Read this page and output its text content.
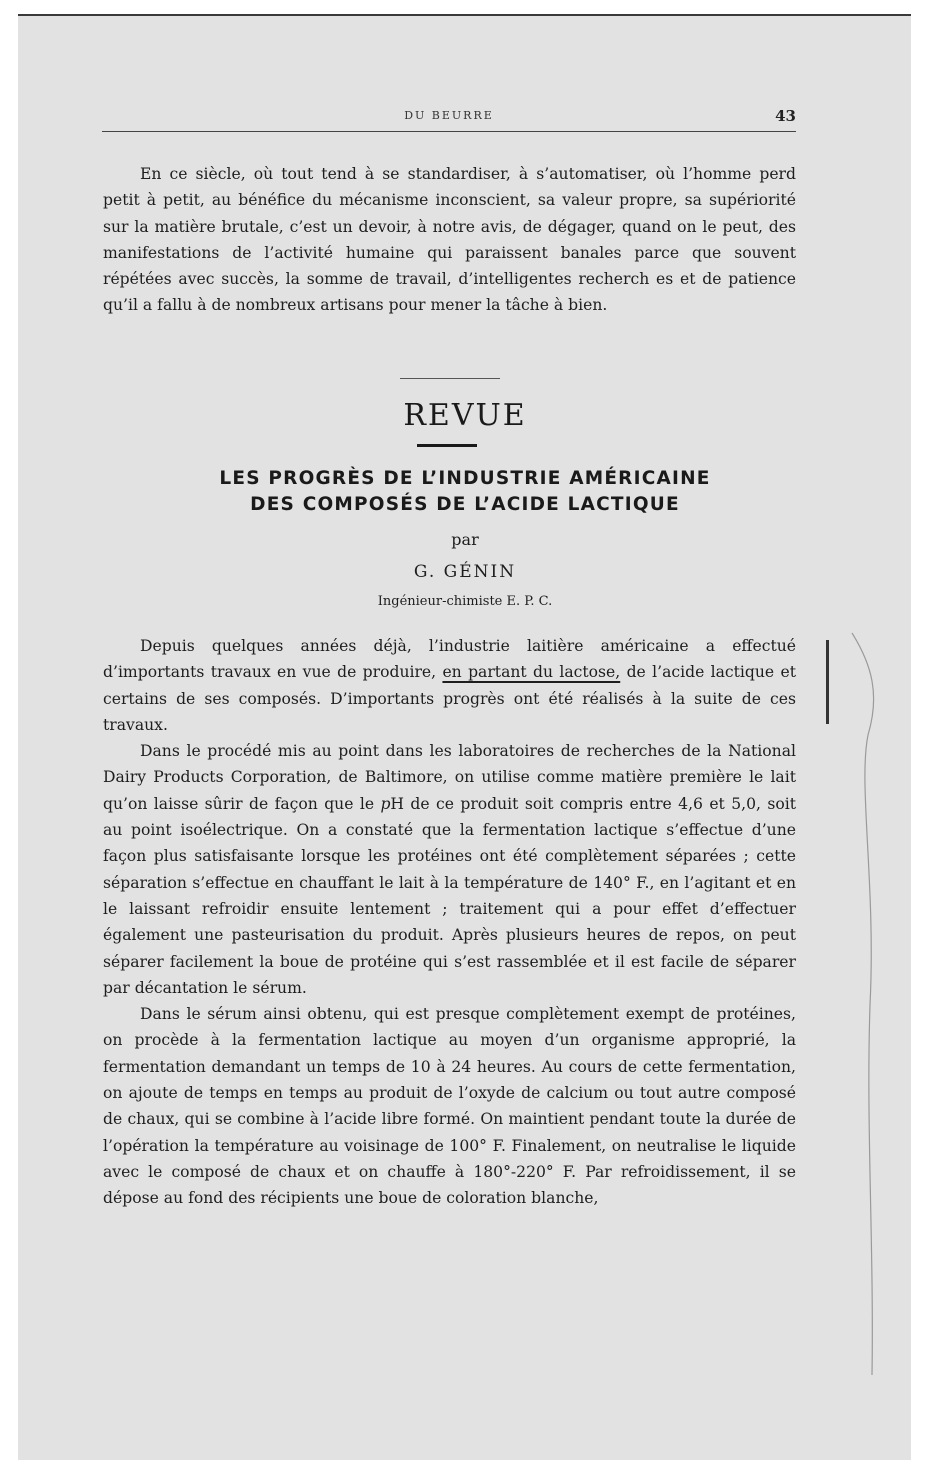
DU BEURRE	43

En ce siècle, où tout tend à se standardiser, à s’automatiser, où l’homme perd petit à petit, au bénéfice du mécanisme inconscient, sa valeur propre, sa supériorité sur la matière brutale, c’est un devoir, à notre avis, de dégager, quand on le peut, des manifestations de l’activité humaine qui paraissent banales parce que souvent répétées avec succès, la somme de travail, d’intelligentes recherch es et de patience qu’il a fallu à de nombreux artisans pour mener la tâche à bien.

REVUE
LES PROGRÈS DE L’INDUSTRIE AMÉRICAINE
DES COMPOSÉS DE L’ACIDE LACTIQUE
par
G. GÉNIN
Ingénieur-chimiste E. P. C.

Depuis quelques années déjà, l’industrie laitière américaine a effectué d’importants travaux en vue de produire, en partant du lactose, de l’acide lactique et certains de ses composés. D’importants progrès ont été réalisés à la suite de ces travaux.

Dans le procédé mis au point dans les laboratoires de recherches de la National Dairy Products Corporation, de Baltimore, on utilise comme matière première le lait qu’on laisse sûrir de façon que le pH de ce produit soit compris entre 4,6 et 5,0, soit au point isoélectrique. On a constaté que la fermentation lactique s’effectue d’une façon plus satisfaisante lorsque les protéines ont été complètement séparées ; cette séparation s’effectue en chauffant le lait à la température de 140° F., en l’agitant et en le laissant refroidir ensuite lentement ; traitement qui a pour effet d’effectuer également une pasteurisation du produit. Après plusieurs heures de repos, on peut séparer facilement la boue de protéine qui s’est rassemblée et il est facile de séparer par décantation le sérum.

Dans le sérum ainsi obtenu, qui est presque complètement exempt de protéines, on procède à la fermentation lactique au moyen d’un organisme approprié, la fermentation demandant un temps de 10 à 24 heures. Au cours de cette fermentation, on ajoute de temps en temps au produit de l’oxyde de calcium ou tout autre composé de chaux, qui se combine à l’acide libre formé. On maintient pendant toute la durée de l’opération la température au voisinage de 100° F. Finalement, on neutralise le liquide avec le composé de chaux et on chauffe à 180°-220° F. Par refroidissement, il se dépose au fond des récipients une boue de coloration blanche,
